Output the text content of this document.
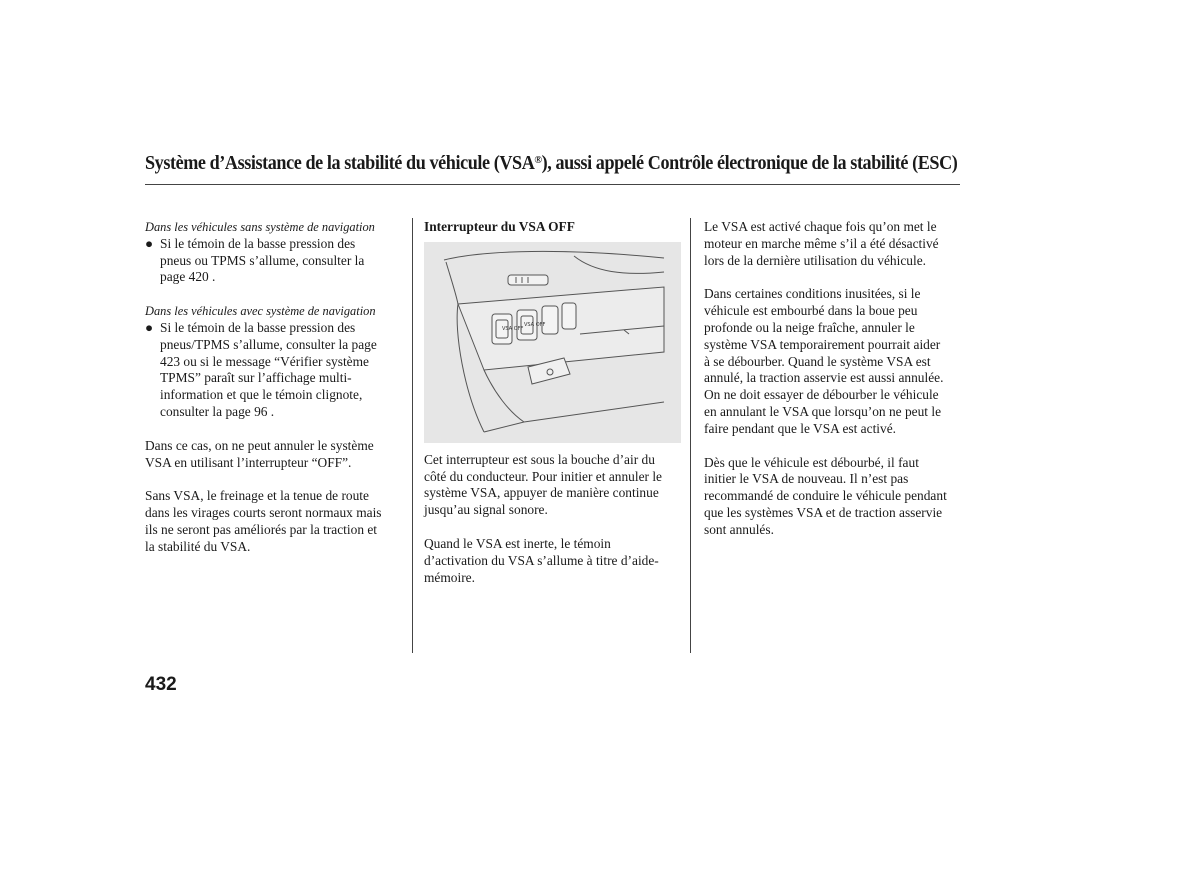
Système d’Assistance de la stabilité du véhicule (VSA®), aussi appelé Contrôle électronique de la stabilité (ESC)

Dans les véhicules sans système de navigation

● Si le témoin de la basse pression des

pneus ou TPMS s’allume, consulter la

page 420 .

Dans les véhicules avec système de navigation

● Si le témoin de la basse pression des

pneus/TPMS s’allume, consulter la page

423 ou si le message “Vérifier système

TPMS” paraît sur l’affichage multi-

information et que le témoin clignote,

consulter la page 96 .

Dans ce cas, on ne peut annuler le système

VSA en utilisant l’interrupteur “OFF”.

Sans VSA, le freinage et la tenue de route

dans les virages courts seront normaux mais

ils ne seront pas améliorés par la traction et

la stabilité du VSA.

Interrupteur du VSA OFF

VSA OFF
VSA OFF

Cet interrupteur est sous la bouche d’air du

côté du conducteur. Pour initier et annuler le

système VSA, appuyer de manière continue

jusqu’au signal sonore.

Quand le VSA est inerte, le témoin

d’activation du VSA s’allume à titre d’aide-

mémoire.

Le VSA est activé chaque fois qu’on met le

moteur en marche même s’il a été désactivé

lors de la dernière utilisation du véhicule.

Dans certaines conditions inusitées, si le

véhicule est embourbé dans la boue peu

profonde ou la neige fraîche, annuler le

système VSA temporairement pourrait aider

à se débourber. Quand le système VSA est

annulé, la traction asservie est aussi annulée.

On ne doit essayer de débourber le véhicule

en annulant le VSA que lorsqu’on ne peut le

faire pendant que le VSA est activé.

Dès que le véhicule est débourbé, il faut

initier le VSA de nouveau. Il n’est pas

recommandé de conduire le véhicule pendant

que les systèmes VSA et de traction asservie

sont annulés.

432
